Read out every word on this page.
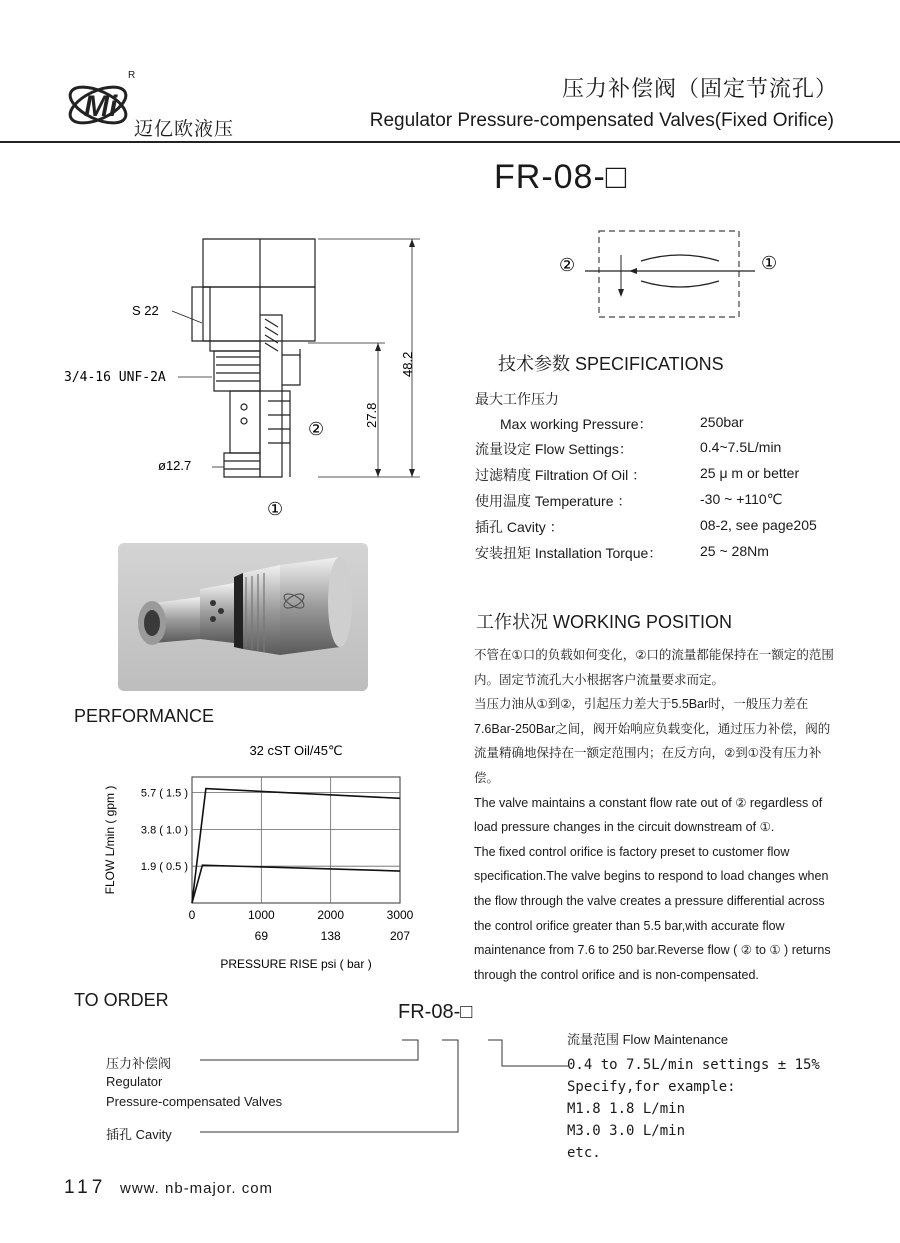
Mi
R
迈亿欧液压
压力补偿阀（固定节流孔）
Regulator Pressure-compensated Valves(Fixed Orifice)
FR-08-□
S 22
3/4-16 UNF-2A
ø12.7
48.2
27.8
②
①
②	①
技术参数 SPECIFICATIONS
最大工作压力
Max working Pressure：	250bar
流量设定 Flow Settings：	0.4~7.5L/min
过滤精度 Filtration Of Oil ：	25 μ m or better
使用温度 Temperature ：	-30 ~ +110℃
插孔 Cavity ：	08-2, see page205
安装扭矩 Installation Torque：	25 ~ 28Nm
工作状况 WORKING POSITION
不管在①口的负载如何变化，②口的流量都能保持在一额定的范围
内。固定节流孔大小根据客户流量要求而定。
当压力油从①到②，引起压力差大于5.5Bar时，一般压力差在
7.6Bar-250Bar之间，阀开始响应负载变化，通过压力补偿，阀的
流量精确地保持在一额定范围内；在反方向，②到①没有压力补偿。
The valve maintains a constant flow rate out of ② regardless of
load pressure changes in the circuit downstream of ①.
The fixed control orifice is factory preset to customer flow
specification.The valve begins to respond to load changes when
the flow through the valve creates a pressure differential across
the control orifice greater than 5.5 bar,with accurate flow
maintenance from 7.6 to 250 bar.Reverse flow ( ② to ① ) returns
through the control orifice and is non-compensated.
PERFORMANCE
32 cST Oil/45℃
0	1000
69
2000
138
3000
207
1.9 ( 0.5 )
3.8 ( 1.0 )
5.7 ( 1.5 )
PRESSURE RISE psi ( bar )
FLOW L/min ( gpm )
TO ORDER
FR-08-□
压力补偿阀
Regulator
Pressure-compensated Valves
插孔 Cavity
流量范围 Flow Maintenance
0.4 to 7.5L/min settings ± 15%
Specify,for example:
M1.8 1.8 L/min
M3.0 3.0 L/min
etc.
117 www. nb-major. com
